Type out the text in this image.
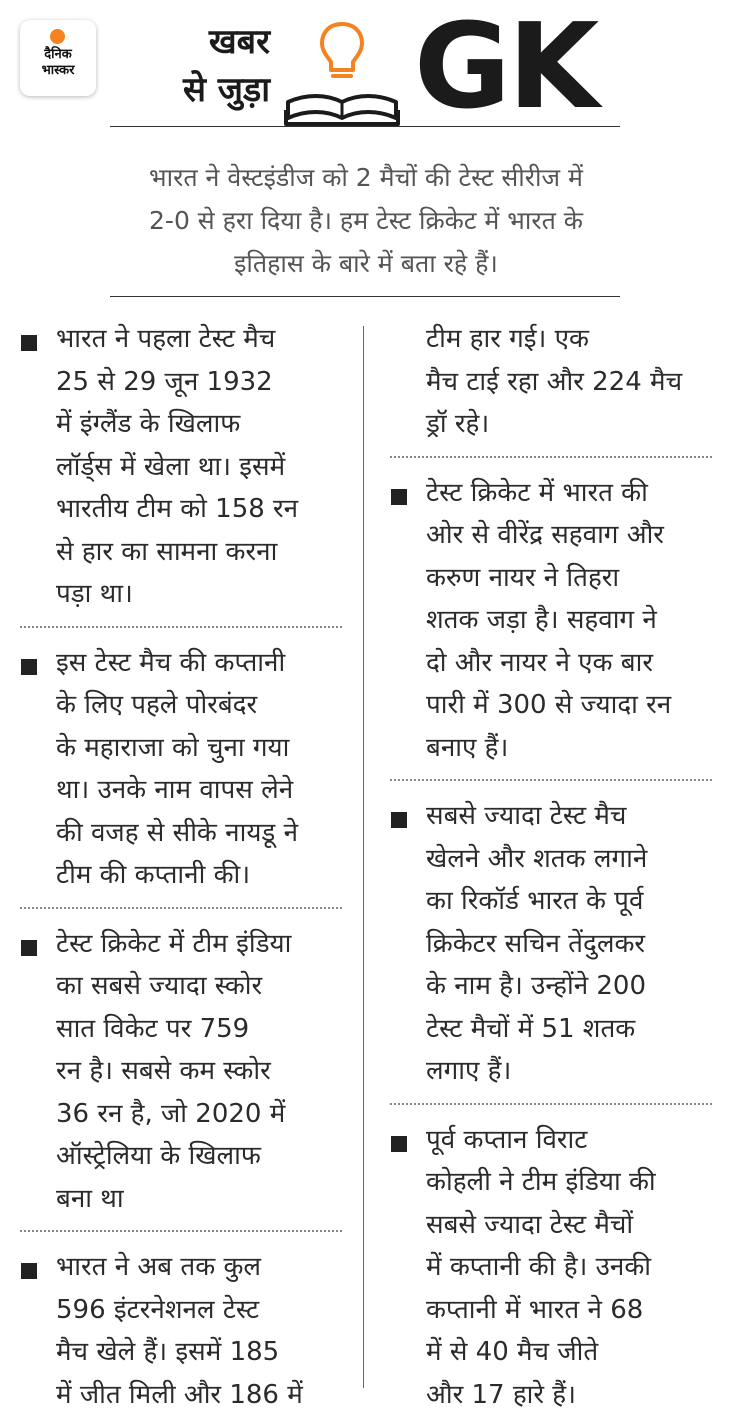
दैनिक
भास्कर
खबर
से जुड़ा GK

भारत ने वेस्टइंडीज को 2 मैचों की टेस्ट सीरीज में

2-0 से हरा दिया है। हम टेस्ट क्रिकेट में भारत के

इतिहास के बारे में बता रहे हैं।

भारत ने पहला टेस्ट मैच
25 से 29 जून 1932
में इंग्लैंड के खिलाफ
लॉर्ड्स में खेला था। इसमें
भारतीय टीम को 158 रन
से हार का सामना करना
पड़ा था।
इस टेस्ट मैच की कप्तानी
के लिए पहले पोरबंदर
के महाराजा को चुना गया
था। उनके नाम वापस लेने
की वजह से सीके नायडू ने
टीम की कप्तानी की।
टेस्ट क्रिकेट में टीम इंडिया
का सबसे ज्यादा स्कोर
सात विकेट पर 759
रन है। सबसे कम स्कोर
36 रन है, जो 2020 में
ऑस्ट्रेलिया के खिलाफ
बना था
भारत ने अब तक कुल
596 इंटरनेशनल टेस्ट
मैच खेले हैं। इसमें 185
में जीत मिली और 186 में
टीम हार गई। एक
मैच टाई रहा और 224 मैच
ड्रॉ रहे।
टेस्ट क्रिकेट में भारत की
ओर से वीरेंद्र सहवाग और
करुण नायर ने तिहरा
शतक जड़ा है। सहवाग ने
दो और नायर ने एक बार
पारी में 300 से ज्यादा रन
बनाए हैं।
सबसे ज्यादा टेस्ट मैच
खेलने और शतक लगाने
का रिकॉर्ड भारत के पूर्व
क्रिकेटर सचिन तेंदुलकर
के नाम है। उन्होंने 200
टेस्ट मैचों में 51 शतक
लगाए हैं।
पूर्व कप्तान विराट
कोहली ने टीम इंडिया की
सबसे ज्यादा टेस्ट मैचों
में कप्तानी की है। उनकी
कप्तानी में भारत ने 68
में से 40 मैच जीते
और 17 हारे हैं।
